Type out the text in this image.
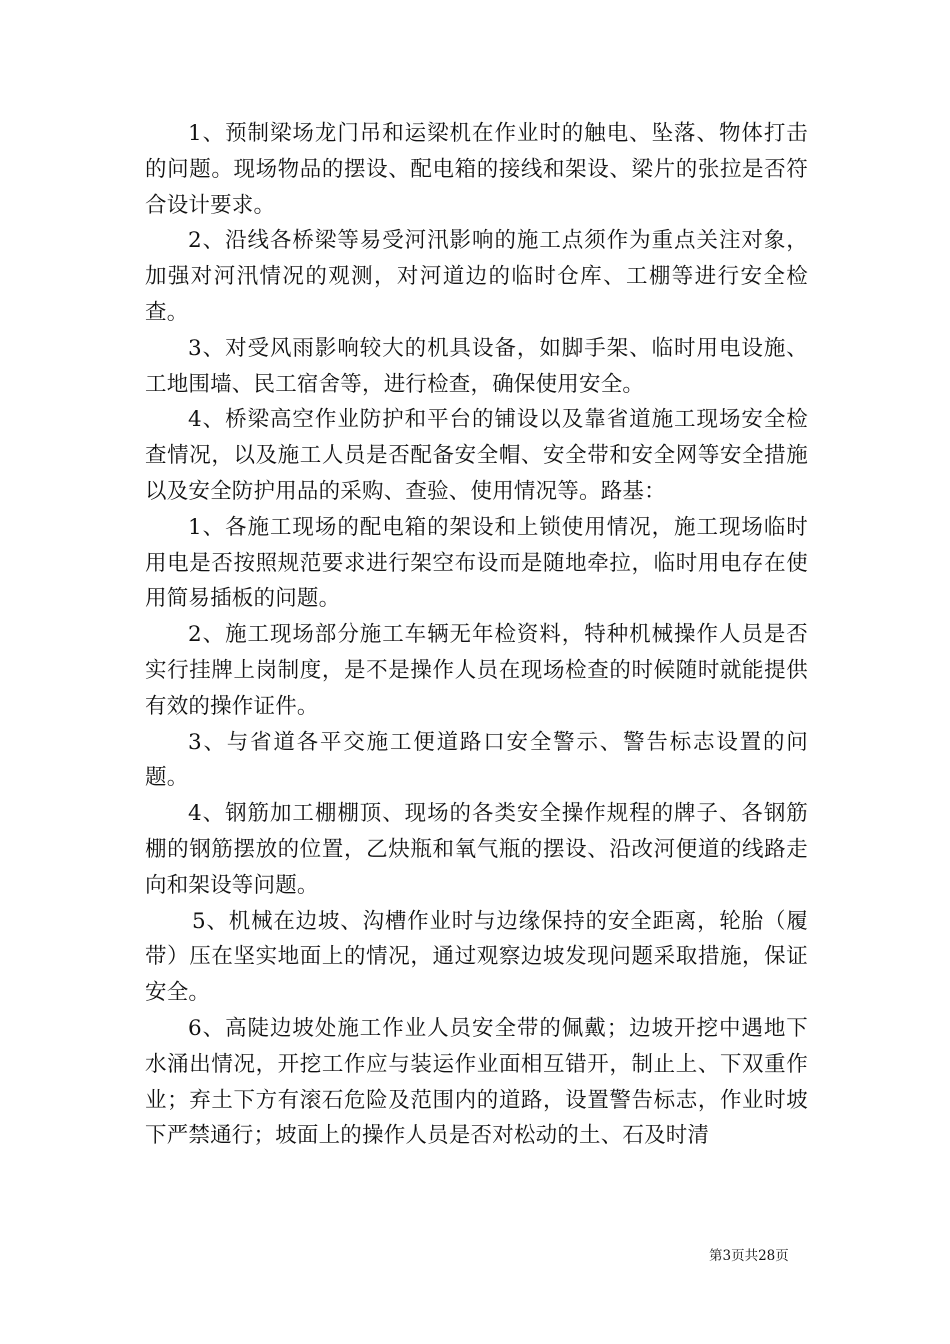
1、预制梁场龙门吊和运梁机在作业时的触电、坠落、物体打击的问题。现场物品的摆设、配电箱的接线和架设、梁片的张拉是否符合设计要求。

2、沿线各桥梁等易受河汛影响的施工点须作为重点关注对象，加强对河汛情况的观测，对河道边的临时仓库、工棚等进行安全检查。

3、对受风雨影响较大的机具设备，如脚手架、临时用电设施、工地围墙、民工宿舍等，进行检查，确保使用安全。

4、桥梁高空作业防护和平台的铺设以及靠省道施工现场安全检查情况，以及施工人员是否配备安全帽、安全带和安全网等安全措施以及安全防护用品的采购、查验、使用情况等。路基：

1、各施工现场的配电箱的架设和上锁使用情况，施工现场临时用电是否按照规范要求进行架空布设而是随地牵拉，临时用电存在使用简易插板的问题。

2、施工现场部分施工车辆无年检资料，特种机械操作人员是否实行挂牌上岗制度，是不是操作人员在现场检查的时候随时就能提供有效的操作证件。

3、与省道各平交施工便道路口安全警示、警告标志设置的问题。

4、钢筋加工棚棚顶、现场的各类安全操作规程的牌子、各钢筋棚的钢筋摆放的位置，乙炔瓶和氧气瓶的摆设、沿改河便道的线路走向和架设等问题。

5、机械在边坡、沟槽作业时与边缘保持的安全距离，轮胎（履带）压在坚实地面上的情况，通过观察边坡发现问题采取措施，保证安全。

6、高陡边坡处施工作业人员安全带的佩戴；边坡开挖中遇地下水涌出情况，开挖工作应与装运作业面相互错开，制止上、下双重作业；弃土下方有滚石危险及范围内的道路，设置警告标志，作业时坡下严禁通行；坡面上的操作人员是否对松动的土、石及时清

第3页共28页
